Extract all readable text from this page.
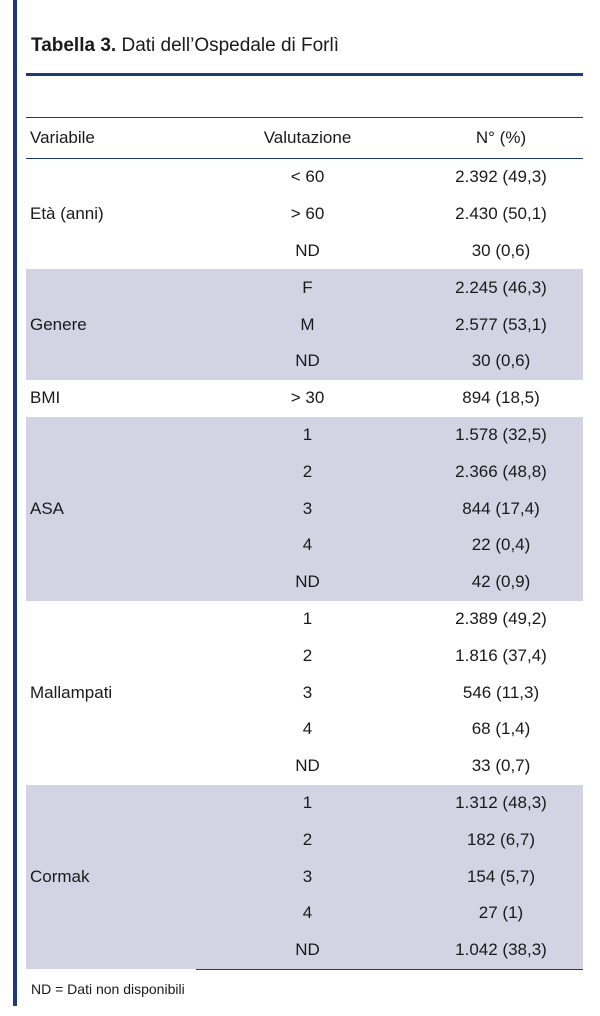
Tabella 3. Dati dell’Ospedale di Forlì
Variabile	Valutazione	N° (%)
Età (anni)	< 60	2.392 (49,3)
	> 60	2.430 (50,1)
	ND	30 (0,6)
Genere	F	2.245 (46,3)
	M	2.577 (53,1)
	ND	30 (0,6)
BMI	> 30	894 (18,5)
ASA	1	1.578 (32,5)
	2	2.366 (48,8)
	3	844 (17,4)
	4	22 (0,4)
	ND	42 (0,9)
Mallampati	1	2.389 (49,2)
	2	1.816 (37,4)
	3	546 (11,3)
	4	68 (1,4)
	ND	33 (0,7)
Cormak	1	1.312 (48,3)
	2	182 (6,7)
	3	154 (5,7)
	4	27 (1)
	ND	1.042 (38,3)
ND = Dati non disponibili
